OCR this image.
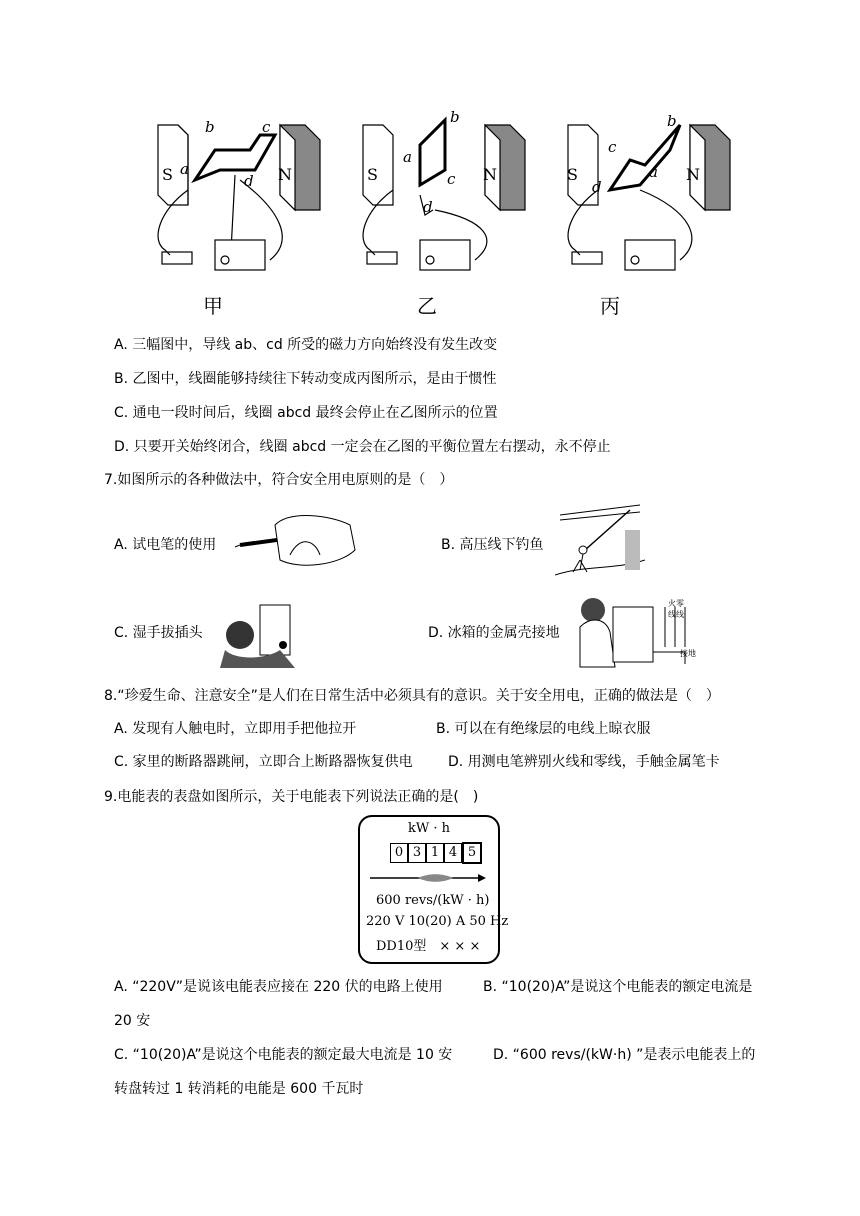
S	N
a
b	c
d	S	N
a
b
c
d
S	N
a
b
c
d
甲	乙	丙
A. 三幅图中，导线 ab、cd 所受的磁力方向始终没有发生改变
B. 乙图中，线圈能够持续往下转动变成丙图所示，是由于惯性
C. 通电一段时间后，线圈 abcd 最终会停止在乙图所示的位置
D. 只要开关始终闭合，线圈 abcd 一定会在乙图的平衡位置左右摆动，永不停止
7.如图所示的各种做法中，符合安全用电原则的是（　）
A. 试电笔的使用	B. 高压线下钓鱼
C. 湿手拔插头	D. 冰箱的金属壳接地
火零
线线
接地
8.“珍爱生命、注意安全”是人们在日常生活中必须具有的意识。关于安全用电，正确的做法是（　）
A. 发现有人触电时，立即用手把他拉开	B. 可以在有绝缘层的电线上晾衣服
C. 家里的断路器跳闸，立即合上断路器恢复供电	D. 用测电笔辨别火线和零线，手触金属笔卡
9.电能表的表盘如图所示，关于电能表下列说法正确的是(　)
kW · h
0 3 1 4 5
600 revs/(kW · h)
220 V 10(20) A 50 Hz
DD10型　× × ×
A. “220V”是说该电能表应接在 220 伏的电路上使用	B. “10(20)A”是说这个电能表的额定电流是
20 安
C. “10(20)A”是说这个电能表的额定最大电流是 10 安	D. “600 revs/(kW·h) ”是表示电能表上的
转盘转过 1 转消耗的电能是 600 千瓦时
